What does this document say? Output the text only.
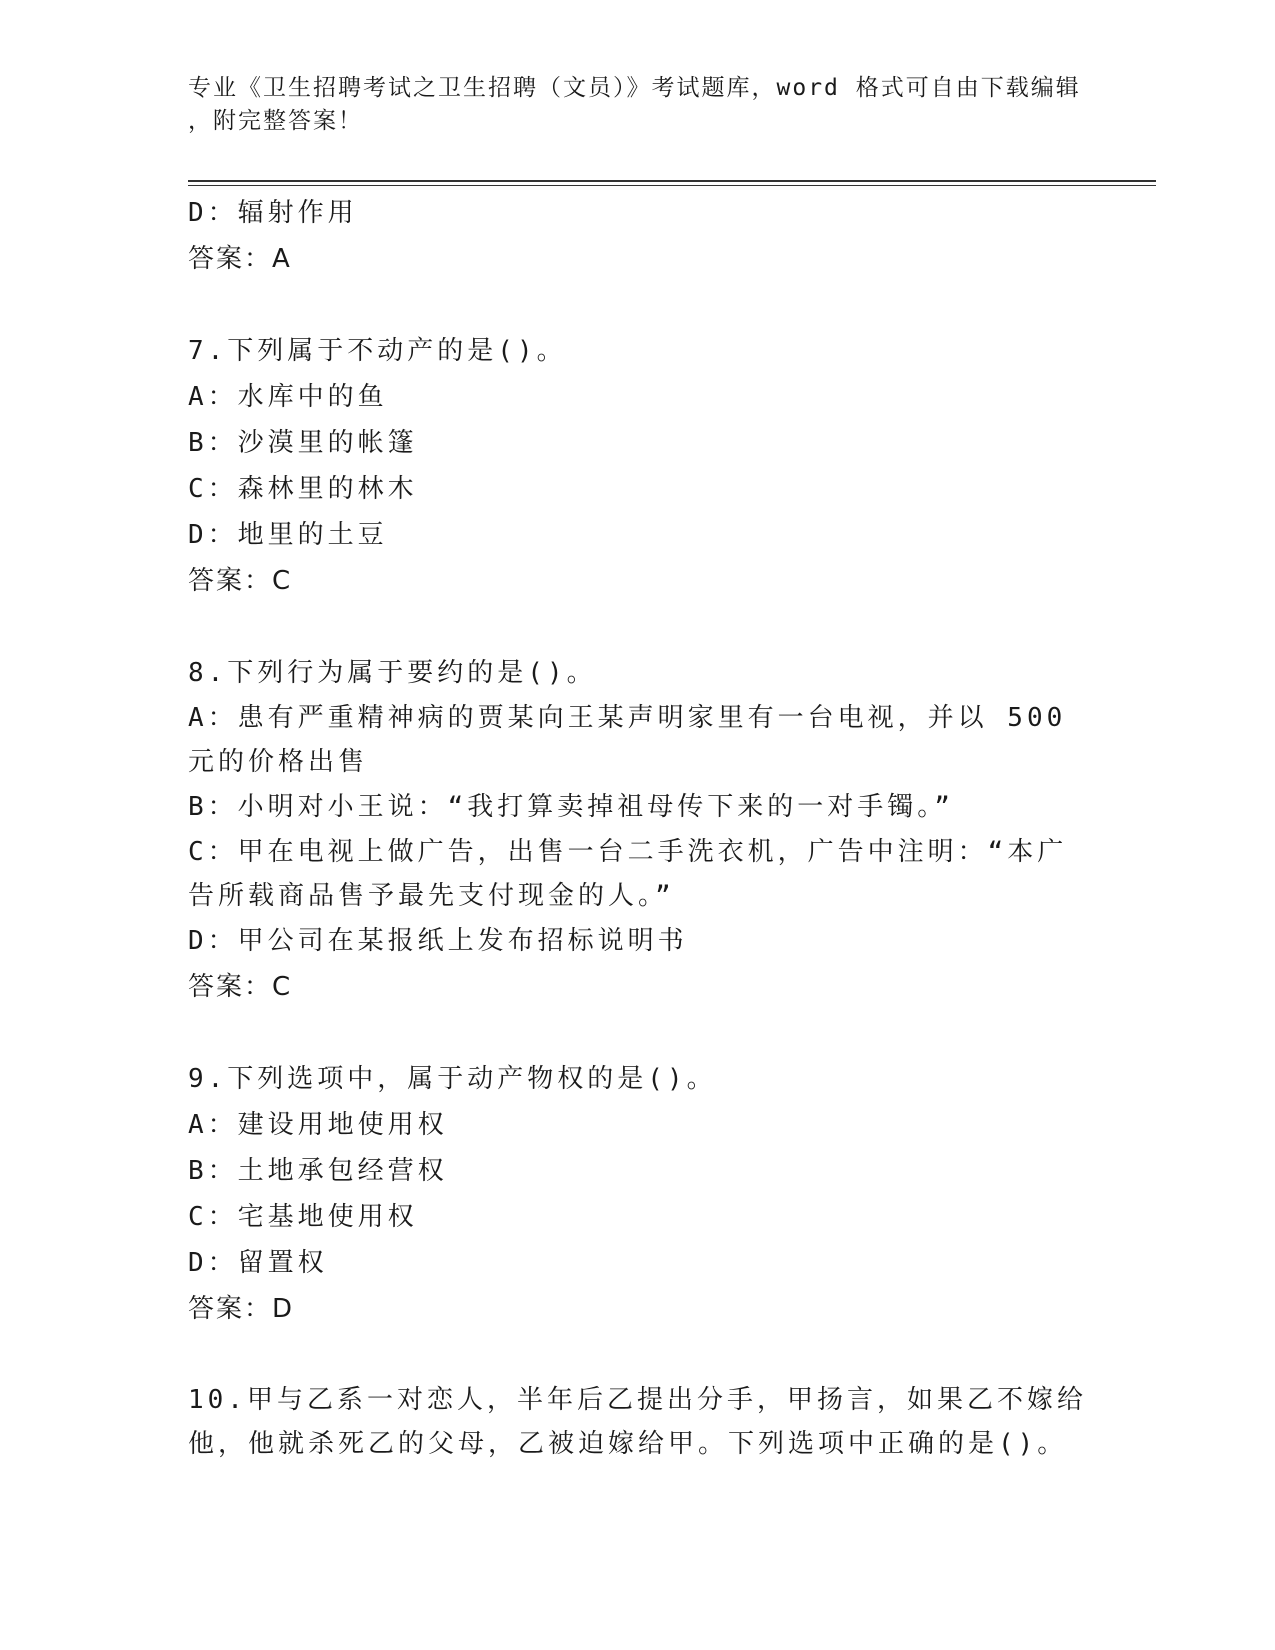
专业《卫生招聘考试之卫生招聘（文员）》考试题库，word 格式可自由下载编辑
，附完整答案！
D：辐射作用
答案：A
7.下列属于不动产的是()。
A：水库中的鱼
B：沙漠里的帐篷
C：森林里的林木
D：地里的土豆
答案：C
8.下列行为属于要约的是()。
A：患有严重精神病的贾某向王某声明家里有一台电视，并以 500 元的价格出售
B：小明对小王说：“我打算卖掉祖母传下来的一对手镯。”
C：甲在电视上做广告，出售一台二手洗衣机，广告中注明：“本广告所载商品售予最先支付现金的人。”
D：甲公司在某报纸上发布招标说明书
答案：C
9.下列选项中，属于动产物权的是()。
A：建设用地使用权
B：土地承包经营权
C：宅基地使用权
D：留置权
答案：D
10.甲与乙系一对恋人，半年后乙提出分手，甲扬言，如果乙不嫁给他，他就杀死乙的父母，乙被迫嫁给甲。下列选项中正确的是()。
